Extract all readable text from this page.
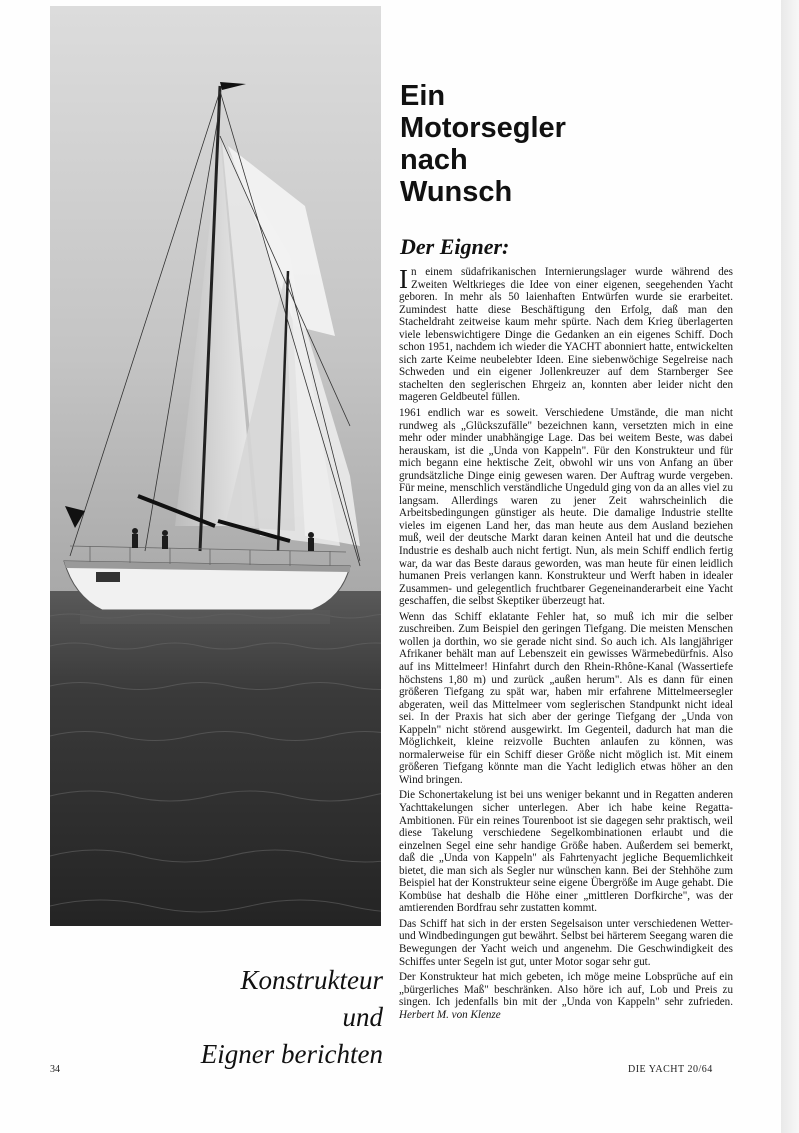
Ein
Motorsegler
nach
Wunsch
Der Eigner:

In einem südafrikanischen Internierungslager wurde während des Zweiten Weltkrieges die Idee von einer eigenen, seegehenden Yacht geboren. In mehr als 50 laienhaften Entwürfen wurde sie erarbeitet. Zumindest hatte diese Beschäftigung den Erfolg, daß man den Stacheldraht zeitweise kaum mehr spürte. Nach dem Krieg überlagerten viele lebenswichtigere Dinge die Gedanken an ein eigenes Schiff. Doch schon 1951, nachdem ich wieder die YACHT abonniert hatte, entwickelten sich zarte Keime neubelebter Ideen. Eine siebenwöchige Segelreise nach Schweden und ein eigener Jollenkreuzer auf dem Starnberger See stachelten den seglerischen Ehrgeiz an, konnten aber leider nicht den mageren Geldbeutel füllen.

1961 endlich war es soweit. Verschiedene Umstände, die man nicht rundweg als „Glückszufälle" bezeichnen kann, versetzten mich in eine mehr oder minder unabhängige Lage. Das bei weitem Beste, was dabei herauskam, ist die „Unda von Kappeln". Für den Konstrukteur und für mich begann eine hektische Zeit, obwohl wir uns von Anfang an über grundsätzliche Dinge einig gewesen waren. Der Auftrag wurde vergeben. Für meine, menschlich verständliche Ungeduld ging von da an alles viel zu langsam. Allerdings waren zu jener Zeit wahrscheinlich die Arbeitsbedingungen günstiger als heute. Die damalige Industrie stellte vieles im eigenen Land her, das man heute aus dem Ausland beziehen muß, weil der deutsche Markt daran keinen Anteil hat und die deutsche Industrie es deshalb auch nicht fertigt. Nun, als mein Schiff endlich fertig war, da war das Beste daraus geworden, was man heute für einen leidlich humanen Preis verlangen kann. Konstrukteur und Werft haben in idealer Zusammen- und gelegentlich fruchtbarer Gegeneinanderarbeit eine Yacht geschaffen, die selbst Skeptiker überzeugt hat.

Wenn das Schiff eklatante Fehler hat, so muß ich mir die selber zuschreiben. Zum Beispiel den geringen Tiefgang. Die meisten Menschen wollen ja dorthin, wo sie gerade nicht sind. So auch ich. Als langjähriger Afrikaner behält man auf Lebenszeit ein gewisses Wärmebedürfnis. Also auf ins Mittelmeer! Hinfahrt durch den Rhein-Rhône-Kanal (Wassertiefe höchstens 1,80 m) und zurück „außen herum". Als es dann für einen größeren Tiefgang zu spät war, haben mir erfahrene Mittelmeersegler abgeraten, weil das Mittelmeer vom seglerischen Standpunkt nicht ideal sei. In der Praxis hat sich aber der geringe Tiefgang der „Unda von Kappeln" nicht störend ausgewirkt. Im Gegenteil, dadurch hat man die Möglichkeit, kleine reizvolle Buchten anlaufen zu können, was normalerweise für ein Schiff dieser Größe nicht möglich ist. Mit einem größeren Tiefgang könnte man die Yacht lediglich etwas höher an den Wind bringen.

Die Schonertakelung ist bei uns weniger bekannt und in Regatten anderen Yachttakelungen sicher unterlegen. Aber ich habe keine Regatta-Ambitionen. Für ein reines Tourenboot ist sie dagegen sehr praktisch, weil diese Takelung verschiedene Segelkombinationen erlaubt und die einzelnen Segel eine sehr handige Größe haben. Außerdem sei bemerkt, daß die „Unda von Kappeln" als Fahrtenyacht jegliche Bequemlichkeit bietet, die man sich als Segler nur wünschen kann. Bei der Stehhöhe zum Beispiel hat der Konstrukteur seine eigene Übergröße im Auge gehabt. Die Kombüse hat deshalb die Höhe einer „mittleren Dorfkirche", was der amtierenden Bordfrau sehr zustatten kommt.

Das Schiff hat sich in der ersten Segelsaison unter verschiedenen Wetter- und Windbedingungen gut bewährt. Selbst bei härterem Seegang waren die Bewegungen der Yacht weich und angenehm. Die Geschwindigkeit des Schiffes unter Segeln ist gut, unter Motor sogar sehr gut.

Der Konstrukteur hat mich gebeten, ich möge meine Lobsprüche auf ein „bürgerliches Maß" beschränken. Also höre ich auf, Lob und Preis zu singen. Ich jedenfalls bin mit der „Unda von Kappeln" sehr zufrieden. Herbert M. von Klenze

Konstrukteur
und
Eigner berichten
34	DIE YACHT 20/64
